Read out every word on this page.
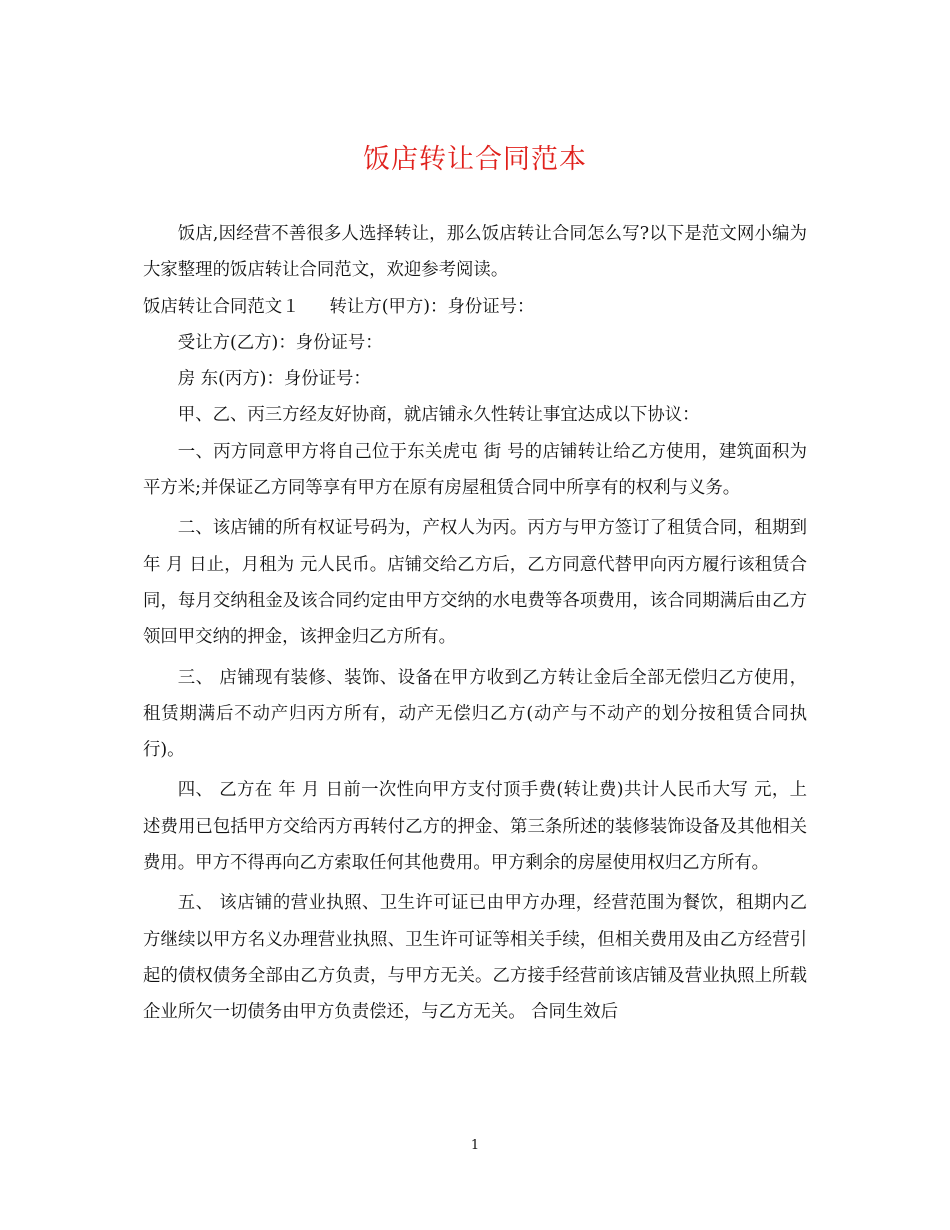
饭店转让合同范本

饭店,因经营不善很多人选择转让，那么饭店转让合同怎么写?以下是范文网小编为大家整理的饭店转让合同范文，欢迎参考阅读。

饭店转让合同范文１ 转让方(甲方)：身份证号：

受让方(乙方)：身份证号：

房 东(丙方)：身份证号：

甲、乙、丙三方经友好协商，就店铺永久性转让事宜达成以下协议：

一、丙方同意甲方将自己位于东关虎屯 街 号的店铺转让给乙方使用，建筑面积为 平方米;并保证乙方同等享有甲方在原有房屋租赁合同中所享有的权利与义务。

二、该店铺的所有权证号码为，产权人为丙。丙方与甲方签订了租赁合同，租期到 年 月 日止，月租为 元人民币。店铺交给乙方后，乙方同意代替甲向丙方履行该租赁合同，每月交纳租金及该合同约定由甲方交纳的水电费等各项费用，该合同期满后由乙方领回甲交纳的押金，该押金归乙方所有。

三、 店铺现有装修、装饰、设备在甲方收到乙方转让金后全部无偿归乙方使用，租赁期满后不动产归丙方所有，动产无偿归乙方(动产与不动产的划分按租赁合同执行)。

四、 乙方在 年 月 日前一次性向甲方支付顶手费(转让费)共计人民币大写 元，上述费用已包括甲方交给丙方再转付乙方的押金、第三条所述的装修装饰设备及其他相关费用。甲方不得再向乙方索取任何其他费用。甲方剩余的房屋使用权归乙方所有。

五、 该店铺的营业执照、卫生许可证已由甲方办理，经营范围为餐饮，租期内乙方继续以甲方名义办理营业执照、卫生许可证等相关手续，但相关费用及由乙方经营引起的债权债务全部由乙方负责，与甲方无关。乙方接手经营前该店铺及营业执照上所载企业所欠一切债务由甲方负责偿还，与乙方无关。 合同生效后

1
